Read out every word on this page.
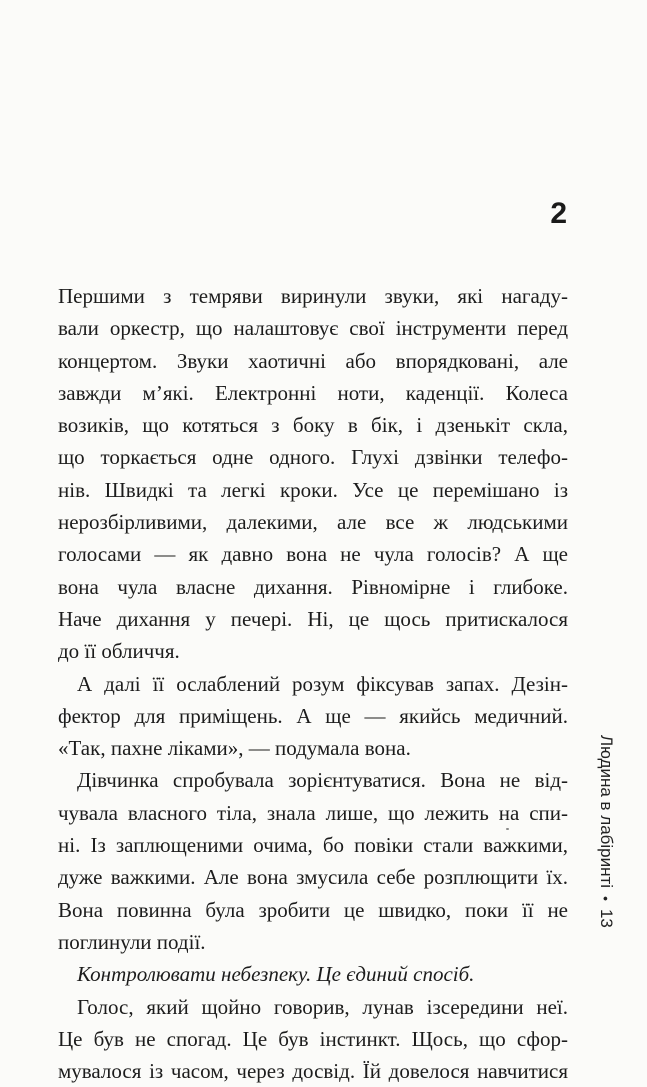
2
Першими з темряви виринули звуки, які нагаду-
вали оркестр, що налаштовує свої інструменти перед
концертом. Звуки хаотичні або впорядковані, але
завжди м’які. Електронні ноти, каденції. Колеса
возиків, що котяться з боку в бік, і дзенькіт скла,
що торкається одне одного. Глухі дзвінки телефо-
нів. Швидкі та легкі кроки. Усе це перемішано із
нерозбірливими, далекими, але все ж людськими
голосами — як давно вона не чула голосів? А ще
вона чула власне дихання. Рівномірне і глибоке.
Наче дихання у печері. Ні, це щось притискалося
до її обличчя.
А далі її ослаблений розум фіксував запах. Дезін-
фектор для приміщень. А ще — якийсь медичний.
«Так, пахне ліками», — подумала вона.
Дівчинка спробувала зорієнтуватися. Вона не від-
чувала власного тіла, знала лише, що лежить на спи-
ні. Із заплющеними очима, бо повіки стали важкими,
дуже важкими. Але вона змусила себе розплющити їх.
Вона повинна була зробити це швидко, поки її не
поглинули події.
Контролювати небезпеку. Це єдиний спосіб.
Голос, який щойно говорив, лунав ізсередини неї.
Це був не спогад. Це був інстинкт. Щось, що сфор-
мувалося із часом, через досвід. Їй довелося навчитися
Людина в лабіринті•13
